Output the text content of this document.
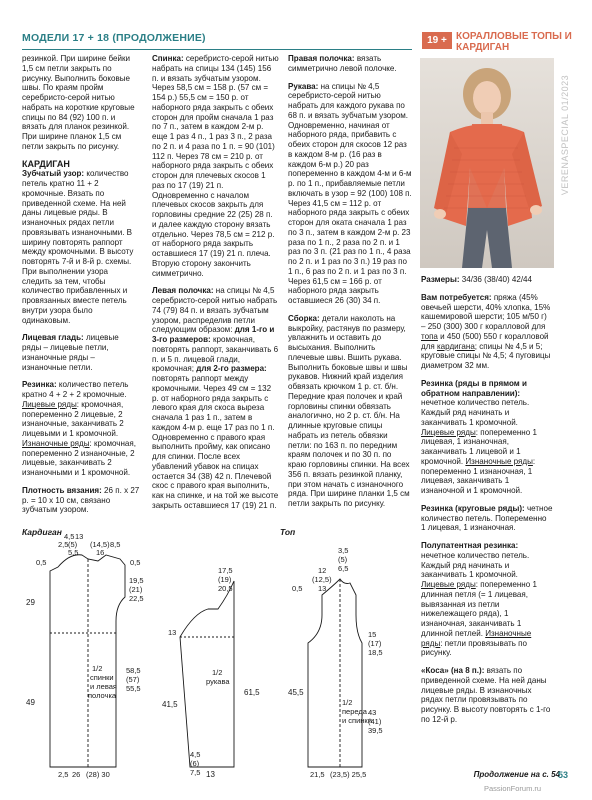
МОДЕЛИ 17 + 18 (ПРОДОЛЖЕНИЕ)	19 + КОРАЛЛОВЫЕ ТОПЫ И КАРДИГАН
VERENASPECIAL 01/2023

резинкой. При ширине бейки 1,5 см петли закрыть по рисунку. Выполнить боковые швы. По краям пройм серебристо-серой нитью набрать на короткие круговые спицы по 84 (92) 100 п. и вязать для планок резинкой. При ширине планок 1,5 см петли закрыть по рисунку.

КАРДИГАН

Зубчатый узор: количество петель кратно 11 + 2 кромочные. Вязать по приведенной схеме. На ней даны лицевые ряды. В изнаночных рядах петли провязывать изнаночными. В ширину повторять раппорт между кромочными. В высоту повторять 7-й и 8-й р. схемы. При выполнении узора следить за тем, чтобы количество прибавленных и провязанных вместе петель внутри узора было одинаковым.

Лицевая гладь: лицевые ряды – лицевые петли, изнаночные ряды – изнаночные петли.

Резинка: количество петель кратно 4 + 2 + 2 кромочные. Лицевые ряды: кромочная, попеременно 2 лицевые, 2 изнаночные, заканчивать 2 лицевыми и 1 кромочной. Изнаночные ряды: кромочная, попеременно 2 изнаночные, 2 лицевые, заканчивать 2 изнаночными и 1 кромочной.

Плотность вязания: 26 п. х 27 р. = 10 х 10 см, связано зубчатым узором.

Спинка: серебристо-серой нитью набрать на спицы 134 (145) 156 п. и вязать зубчатым узором. Через 58,5 см = 158 р. (57 см = 154 р.) 55,5 см = 150 р. от наборного ряда закрыть с обеих сторон для пройм сначала 1 раз по 7 п., затем в каждом 2-м р. еще 1 раз 4 п., 1 раз 3 п., 2 раза по 2 п. и 4 раза по 1 п. = 90 (101) 112 п. Через 78 см = 210 р. от наборного ряда закрыть с обеих сторон для плечевых скосов 1 раз по 17 (19) 21 п. Одновременно с началом плечевых скосов закрыть для горловины средние 22 (25) 28 п. и далее каждую сторону вязать отдельно. Через 78,5 см = 212 р. от наборного ряда закрыть оставшиеся 17 (19) 21 п. плеча. Вторую сторону закончить симметрично.

Левая полочка: на спицы № 4,5 серебристо-серой нитью набрать 74 (79) 84 п. и вязать зубчатым узором, распределив петли следующим образом: для 1-го и 3-го размеров: кромочная, повторять раппорт, заканчивать 6 п. и 5 п. лицевой глади, кромочная; для 2-го размера: повторять раппорт между кромочными. Через 49 см = 132 р. от наборного ряда закрыть с левого края для скоса выреза сначала 1 раз 1 п., затем в каждом 4-м р. еще 17 раз по 1 п. Одновременно с правого края выполнить пройму, как описано для спинки. После всех убавлений убавок на спицах остается 34 (38) 42 п. Плечевой скос с правого края выполнить, как на спинке, и на той же высоте закрыть оставшиеся 17 (19) 21 п.

Правая полочка: вязать симметрично левой полочке.

Рукава: на спицы № 4,5 серебристо-серой нитью набрать для каждого рукава по 68 п. и вязать зубчатым узором. Одновременно, начиная от наборного ряда, прибавить с обеих сторон для скосов 12 раз в каждом 8-м р. (16 раз в каждом 6-м р.) 20 раз попеременно в каждом 4-м и 6-м р. по 1 п., прибавляемые петли включать в узор = 92 (100) 108 п. Через 41,5 см = 112 р. от наборного ряда закрыть с обеих сторон для оката сначала 1 раз по 3 п., затем в каждом 2-м р. 23 раза по 1 п., 2 раза по 2 п. и 1 раз по 3 п. (21 раз по 1 п., 4 раза по 2 п. и 1 раз по 3 п.) 19 раз по 1 п., 6 раз по 2 п. и 1 раз по 3 п. Через 61,5 см = 166 р. от наборного ряда закрыть оставшиеся 26 (30) 34 п.

Сборка: детали наколоть на выкройку, растянув по размеру, увлажнить и оставить до высыхания. Выполнить плечевые швы. Вшить рукава. Выполнить боковые швы и швы рукавов. Нижний край изделия обвязать крючком 1 р. ст. б/н. Передние края полочек и край горловины спинки обвязать аналогично, но 2 р. ст. б/н. На длинные круговые спицы набрать из петель обвязки петли: по 163 п. по передним краям полочек и по 30 п. по краю горловины спинки. На всех 356 п. вязать резинкой планку, при этом начать с изнаночного ряда. При ширине планки 1,5 см петли закрыть по рисунку.

Размеры: 34/36 (38/40) 42/44

Вам потребуется: пряжа (45% овечьей шерсти, 40% хлопка, 15% кашемировой шерсти; 105 м/50 г) – 250 (300) 300 г коралловой для топа и 450 (500) 550 г коралловой для кардигана; спицы № 4,5 и 5; круговые спицы № 4,5; 4 пуговицы диаметром 32 мм.

Резинка (ряды в прямом и обратном направлении): нечетное количество петель. Каждый ряд начинать и заканчивать 1 кромочной. Лицевые ряды: попеременно 1 лицевая, 1 изнаночная, заканчивать 1 лицевой и 1 кромочной. Изнаночные ряды: попеременно 1 изнаночная, 1 лицевая, заканчивать 1 изнаночной и 1 кромочной.

Резинка (круговые ряды): четное количество петель. Попеременно 1 лицевая, 1 изнаночная.

Полупатентная резинка: нечетное количество петель. Каждый ряд начинать и заканчивать 1 кромочной. Лицевые ряды: попеременно 1 длинная петля (= 1 лицевая, вывязанная из петли нижележащего ряда), 1 изнаночная, заканчивать 1 длинной петлей. Изнаночные ряды: петли провязывать по рисунку.

«Коса» (на 8 п.): вязать по приведенной схеме. На ней даны лицевые ряды. В изнаночных рядах петли провязывать по рисунку. В высоту повторять с 1-го по 12-й р.

Кардиган	Топ
4,5 13
(14,5)
16
2,5 (5)
5,5
8,5
0,5	0,5
29
49
19,5
(21)
22,5
58,5
(57)
55,5
1/2
спинки
и левая
полочка
2,5 26 (28) 30
17,5
(19)
20,5
61,5
41,5
1/2
рукава
13
4,5
(6)
7,5 13
3,5
(5)
6,5
12
(12,5)
13
0,5
15
(17)
18,5
45,5
43
(41)
39,5
1/2
переда
и спинки
21,5 (23,5) 25,5	Продолжение на с. 54
53
PassionForum.ru
